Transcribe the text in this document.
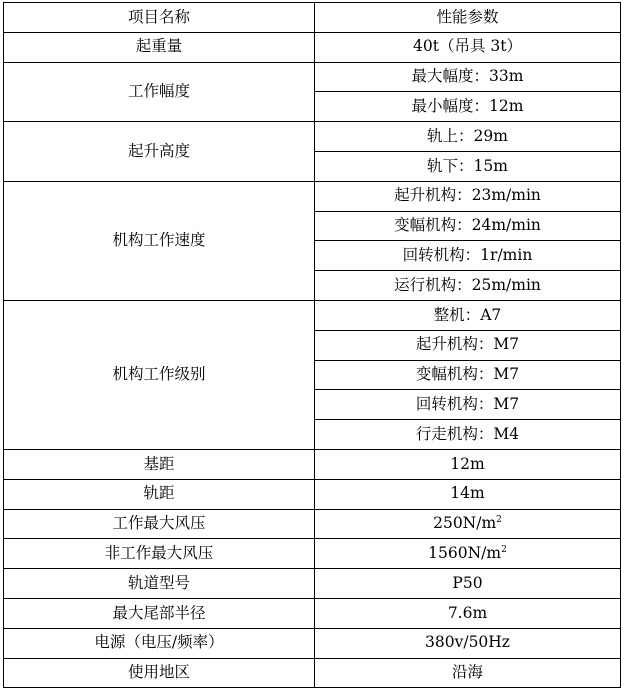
项目名称	性能参数
起重量	40t（吊具 3t）
工作幅度	最大幅度：33m
	最小幅度：12m
起升高度	轨上：29m
	轨下：15m
机构工作速度	起升机构：23m/min
	变幅机构：24m/min
	回转机构：1r/min
	运行机构：25m/min
机构工作级别	整机：A7
	起升机构：M7
	变幅机构：M7
	回转机构：M7
	行走机构：M4
基距	12m
轨距	14m
工作最大风压	$250N/m^2$
非工作最大风压	$1560N/m^2$
轨道型号	P50
最大尾部半径	7.6m
电源（电压/频率）	380v/50Hz
使用地区	沿海
